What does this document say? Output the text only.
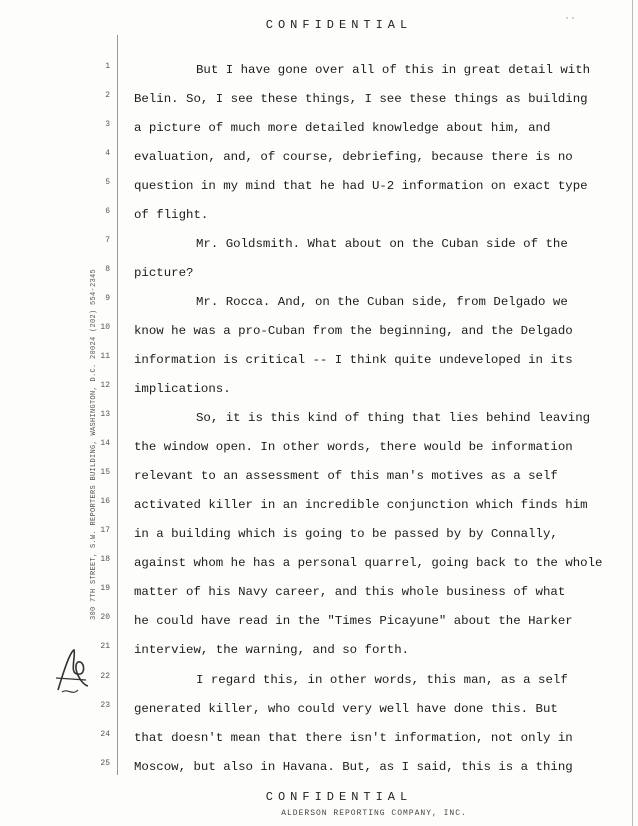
CONFIDENTIAL	˙˙
300 7TH STREET, S.W. REPORTERS BUILDING, WASHINGTON, D.C. 20024 (202) 554-2345
1	But I have gone over all of this in great detail with
2 Belin. So, I see these things, I see these things as building
3 a picture of much more detailed knowledge about him, and
4 evaluation, and, of course, debriefing, because there is no
5 question in my mind that he had U-2 information on exact type
6 of flight.
7	Mr. Goldsmith. What about on the Cuban side of the
8 picture?
9	Mr. Rocca. And, on the Cuban side, from Delgado we
10 know he was a pro-Cuban from the beginning, and the Delgado
11 information is critical -- I think quite undeveloped in its
12 implications.
13	So, it is this kind of thing that lies behind leaving
14 the window open. In other words, there would be information
15 relevant to an assessment of this man's motives as a self
16 activated killer in an incredible conjunction which finds him
17 in a building which is going to be passed by by Connally,
18 against whom he has a personal quarrel, going back to the whole
19 matter of his Navy career, and this whole business of what
20 he could have read in the "Times Picayune" about the Harker
21 interview, the warning, and so forth.
22	I regard this, in other words, this man, as a self
23 generated killer, who could very well have done this. But
24 that doesn't mean that there isn't information, not only in
25 Moscow, but also in Havana. But, as I said, this is a thing
CONFIDENTIAL
ALDERSON REPORTING COMPANY, INC.
